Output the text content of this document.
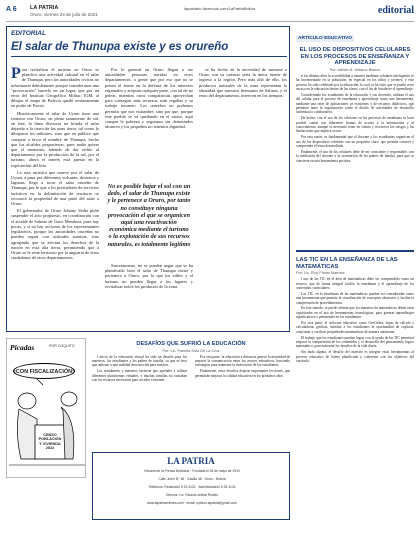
A 6 LA PATRIA
Oruro, viernes 23 de julio de 2021
lapatriabo facebook.com/LaPatriaBolivia	editorial
EDITORIAL
El salar de Thunupa existe y es orureño

Para revitalizar el turismo en Oruro se planificó una actividad cultural en el salar de Thunupa, pero las autoridades cívicas no informaron debidamente porque consideraron una "provocación" hacerlo en un lugar, que por un error del Instituto Geográfico Militar, IGM, al dibujar el mapa de Bolivia quedó erróneamente en poder de Potosí.

Históricamente el salar de Uyuni tiene una frontera con Oruro, en pleno saramiento de sal, en éste, la línea divisoria no brinda el salar dejando a la tierra de las unas tierra, tal como lo dibujaron los militares, sino que en publico que compete a favor el nombre de Thunupa, hecho que los alcaldes pospusieron, pues nadie quiere que el momento, además de dar rédito al departamento por la producción de la sal, por el turismo, ahora el interés está puesto en la explotación del litio.

La ruta turística que mueve por el salar de Uyuni, a pasa por diferentes volcanes, desiertos y lagunas, llega a tocar el salar orureño de Thunupa, por lo que a los prestadores de servicios turísticos en la delimitación de territorio se reconoce la propiedad de una parte del salar a Oruro.

El gobernador de Oruro Johnny Vedia pidió suspender el acto propuesto, en coordinación con el alcalde de Salinas de Garci Mendoza, pues hay pocas, y si no hay acciones de los representantes legislativos, porque las autoridades orureñas no pueden seguir con actitudes sumisas, sino agregando que se afectan los derechos de la nación en esta alta tierra, permitiendo que a Oruro se le reste territorio por la angurria de otros ciudadanos de otros departamentos.

Por lo general en Oruro llegan a ser autoridades personas nacidas en otros departamentos, o gente que por eso que no se ponen al frente en la defensa de los intereses regionales y aceptan cualquier parte, con tal de no pelear, mientras otros compatriotas aprovechan para conseguir más recursos, más regalías y su trabajo tesonero. Los orureños no podemos permitir que nos vislumbre, sino por que, porque este pueblo se va quedando en el atraso, aquí compra la pobreza y seguimos sin demasiados alcances y los pequeños no tenemos dignidad.

Sinceramente, no se pueden negar que se ha planificado bien el salar de Thunupa existe y pertenece a Oruro, por lo que los ediles y el turismo no pueden llegar a los lugares y revitalizar todos los productos de la zona.

se ha hecho de la necesidad de sumarse a Oruro con su turismo sería la única fuente de ingreso a la región. Pero más allá de ello, los productos naturales de la zona representan la identidad que nuestros hermanos de Salinas, y el resto del departamento, merecen en los tiempos.

No es posible bajar el sol con un dedo, el salar de Thunupa existe y le pertenece a Oruro, por tanto no constituye ninguna provocación el que se organicen aquí una reactivación económica mediante el turismo o la explotación de sus recursos naturales, es totalmente legítimo
ARTÍCULO EDUCATIVO
EL USO DE DISPOSITIVOS CELULARES EN LOS PROCESOS DE ENSEÑANZA Y APRENDIZAJE
Por: Adrián N. Ubiarco Blanco

n los últimos años la accesibilidad a internet mediante celulares inteligentes se ha incrementado en la población, en especial en los niños y jóvenes, y este proceso ha sido celebrado por la educación, la cual ya ha visto que se puede crear un uso en la educación dentro de las clases, con el fin de fortalecer el aprendizaje.

Considerando los estudiantes de la educación y sus docentes, utilizan el uso del celular para el proceso de enseñanza y aprendizaje como una herramienta, mediante una serie de aplicaciones ya existentes y de recursos didácticos, que permiten tanto la organización como el diseño de actividades de desarrollo individual o colaborativo.

De hecho, con el uso de los celulares en los procesos de enseñanza se hace posible contar con diferentes formas de acceso a la información y al conocimiento, aunque es necesario tener en cuenta y reconocer los riesgos y las limitaciones que implica su uso.

Por esta razón, es fundamental que el docente y los estudiantes organicen el uso de los dispositivos celulares con un propósito claro, que permita conocer y comprender el tema desarrollado.

Finalmente, el uso de los celulares debe de ser consciente y responsable, con la mediación del docente y la orientación de los padres de familia, para que se convierta en una herramienta positiva.

LAS TIC EN LA ENSEÑANZA DE LAS MATEMÁTICAS
Por: Lic. Eloy Flores Mamani

l uso de las TIC en el área de matemáticas debe ser comprendido como un recurso, que de forma integral facilite la enseñanza y el aprendizaje de los contenidos curriculares.

Las TIC, en la enseñanza de las matemáticas pueden ser consideradas como una herramienta que permite la visualización de conceptos abstractos y facilita la comprensión de procedimientos.

En este sentido, se puede afirmar que los maestros de matemáticas deben estar capacitados en el uso de herramientas tecnológicas, para generar aprendizajes significativos y pertinentes en los estudiantes.

Por otra parte, el software educativo como GeoGebra, hojas de cálculo y calculadoras gráficas, brindan a los estudiantes la oportunidad de explorar, conjeturar y verificar propiedades matemáticas de manera autónoma.

El trabajo que los estudiantes puedan lograr con la ayuda de las TIC permitirá mejorar la comprensión de los contenidos y el desarrollo del pensamiento lógico matemático, para enfrentar los desafíos de la vida diaria.

Sin duda alguna, el desafío del maestro es integrar estas herramientas al proceso educativo de forma planificada y coherente con los objetivos del currículo.

Picadas	POR COQUITO
¡CON FISCALIZACIÓN!
CENSO POBLACIÓN Y VIVIENDA 2022
DESAFÍOS QUE SUFRIÓ LA EDUCACIÓN
Por: Lic. Pamela Soto De La Cruz

l inicio de la educación virtual ha sido un desafío para los maestros, los estudiantes y los padres de familia, ya que se tuvo que adecuar a una realidad desconocida para muchos.

Los estudiantes y maestros tuvieron que aprender a utilizar diferentes plataformas virtuales, y muchas familias no contaban con los recursos necesarios para acceder a internet.

Por otra parte, la educación a distancia generó la necesidad de mejorar la comunicación entre los actores educativos, buscando estrategias para mantener la motivación de los estudiantes.

Finalmente, estos desafíos dejaron importantes lecciones, que permitirán mejorar la calidad educativa en los próximos años.

LA PATRIA
Decana de la Prensa Boliviana · Fundada el 26 de mayo de 1919
Calle Junín N° 48 · Casilla 48 · Oruro - Bolivia
Teléfonos: Redacción 5 25 3132 · Administración 5 25 3131
Director: Lic. Ricardo Aníbal Robles
www.lapatriaenlinea.com · email: opinion.lapatria@gmail.com
